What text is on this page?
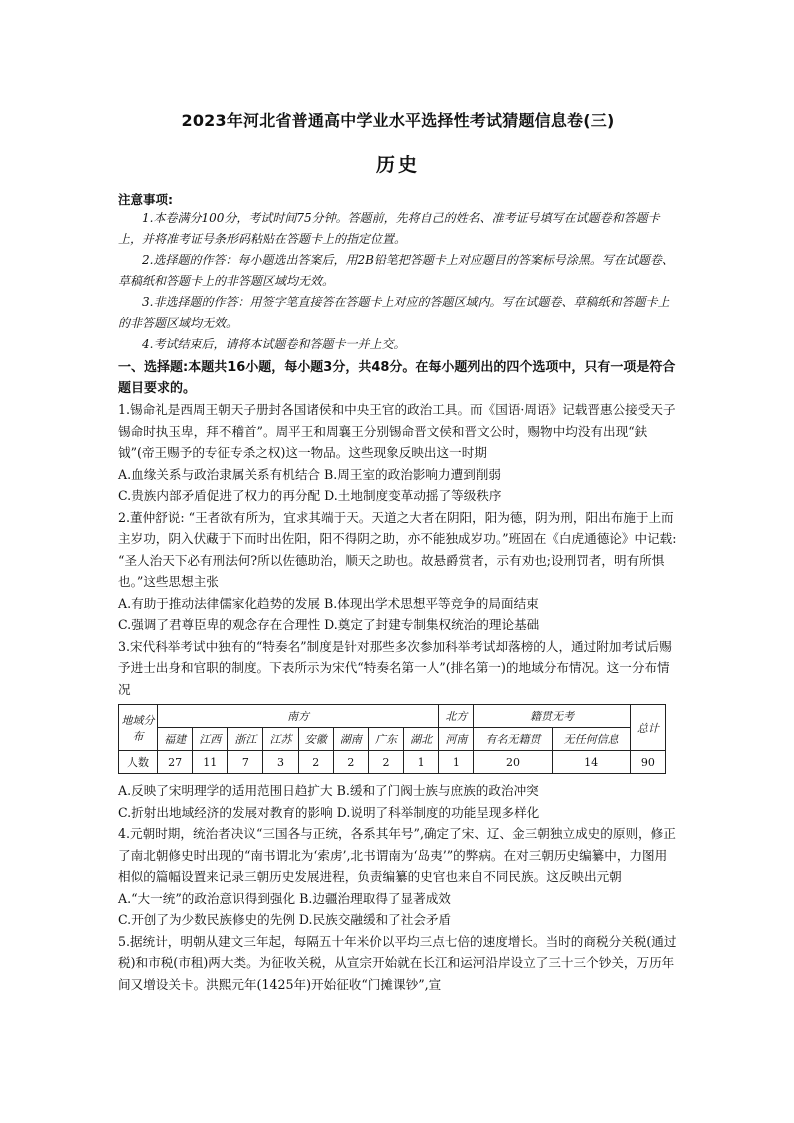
2023年河北省普通高中学业水平选择性考试猜题信息卷(三)
历史
注意事项:

1.本卷满分100分，考试时间75分钟。答题前，先将自己的姓名、准考证号填写在试题卷和答题卡上，并将准考证号条形码粘贴在答题卡上的指定位置。

2.选择题的作答：每小题选出答案后，用2B铅笔把答题卡上对应题目的答案标号涂黑。写在试题卷、草稿纸和答题卡上的非答题区域均无效。

3.非选择题的作答：用签字笔直接答在答题卡上对应的答题区域内。写在试题卷、草稿纸和答题卡上的非答题区域均无效。

4.考试结束后，请将本试题卷和答题卡一并上交。

一、选择题:本题共16小题，每小题3分，共48分。在每小题列出的四个选项中，只有一项是符合题目要求的。

1.锡命礼是西周王朝天子册封各国诸侯和中央王官的政治工具。而《国语·周语》记载晋惠公接受天子锡命时执玉卑，拜不稽首”。周平王和周襄王分别锡命晋文侯和晋文公时，赐物中均没有出现“鈇钺”(帝王赐予的专征专杀之权)这一物品。这些现象反映出这一时期

A.血缘关系与政治隶属关系有机结合 B.周王室的政治影响力遭到削弱

C.贵族内部矛盾促进了权力的再分配 D.土地制度变革动摇了等级秩序

2.董仲舒说: “王者欲有所为，宜求其端于天。天道之大者在阴阳，阳为德，阴为刑，阳出布施于上而主岁功，阴入伏藏于下而时出佐阳，阳不得阴之助，亦不能独成岁功。”班固在《白虎通德论》中记载: “圣人治天下必有刑法何?所以佐德助治，顺天之助也。故悬爵赏者，示有劝也;设刑罚者，明有所惧也。”这些思想主张

A.有助于推动法律儒家化趋势的发展 B.体现出学术思想平等竞争的局面结束

C.强调了君尊臣卑的观念存在合理性 D.奠定了封建专制集权统治的理论基础

3.宋代科举考试中独有的“特奏名”制度是针对那些多次参加科举考试却落榜的人，通过附加考试后赐予进士出身和官职的制度。下表所示为宋代“特奏名第一人”(排名第一)的地域分布情况。这一分布情况

地域分布	南方								北方	籍贯无考		总计
	福建	江西	浙江	江苏	安徽	湖南	广东	湖北	河南	有名无籍贯	无任何信息	
人数	27	11	7	3	2	2	2	1	1	20	14	90

A.反映了宋明理学的适用范围日趋扩大 B.缓和了门阀士族与庶族的政治冲突

C.折射出地域经济的发展对教育的影响 D.说明了科举制度的功能呈现多样化

4.元朝时期，统治者决议“三国各与正统，各系其年号”,确定了宋、辽、金三朝独立成史的原则，修正了南北朝修史时出现的“南书谓北为‘索虏’,北书谓南为‘岛夷’”的弊病。在对三朝历史编纂中，力图用相似的篇幅设置来记录三朝历史发展进程，负责编纂的史官也来自不同民族。这反映出元朝

A.“大一统”的政治意识得到强化 B.边疆治理取得了显著成效

C.开创了为少数民族修史的先例 D.民族交融缓和了社会矛盾

5.据统计，明朝从建文三年起，每隔五十年米价以平均三点七倍的速度增长。当时的商税分关税(通过税)和市税(市租)两大类。为征收关税，从宣宗开始就在长江和运河沿岸设立了三十三个钞关，万历年间又增设关卡。洪熙元年(1425年)开始征收“门摊课钞”,宣
